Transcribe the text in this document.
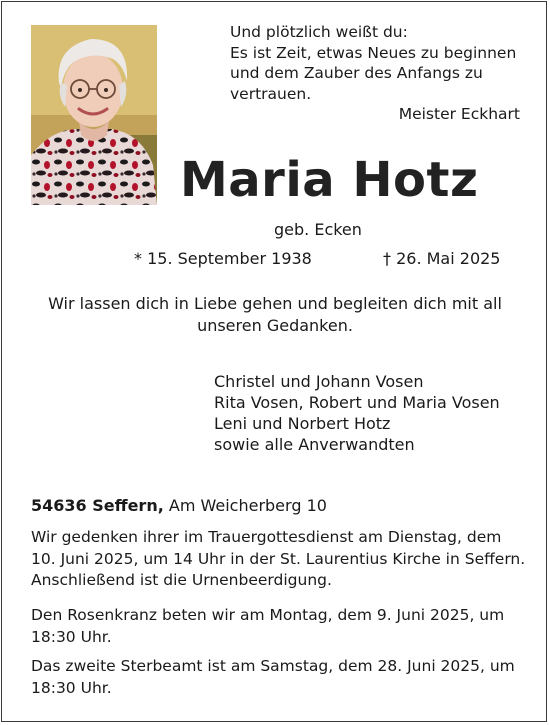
Und plötzlich weißt du:
Es ist Zeit, etwas Neues zu beginnen
und dem Zauber des Anfangs zu
vertrauen.
Meister Eckhart
Maria Hotz
geb. Ecken
* 15. September 1938	† 26. Mai 2025
Wir lassen dich in Liebe gehen und begleiten dich mit all unseren Gedanken.
Christel und Johann Vosen
Rita Vosen, Robert und Maria Vosen
Leni und Norbert Hotz
sowie alle Anverwandten
54636 Seffern, Am Weicherberg 10
Wir gedenken ihrer im Trauergottesdienst am Dienstag, dem 10. Juni 2025, um 14 Uhr in der St. Laurentius Kirche in Seffern. Anschließend ist die Urnenbeerdigung.
Den Rosenkranz beten wir am Montag, dem 9. Juni 2025, um 18:30 Uhr.
Das zweite Sterbeamt ist am Samstag, dem 28. Juni 2025, um 18:30 Uhr.
